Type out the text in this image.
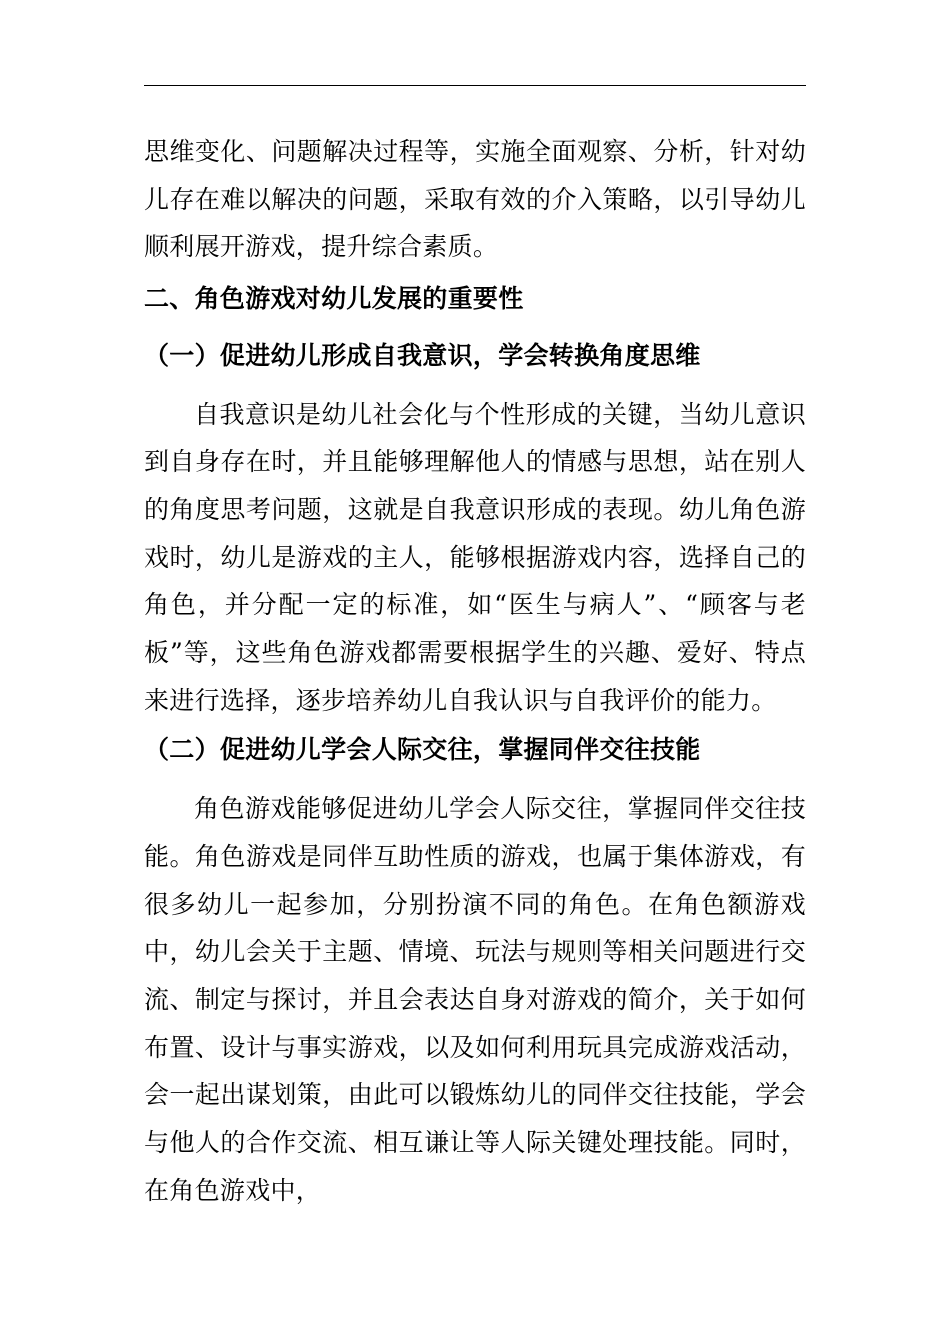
思维变化、问题解决过程等，实施全面观察、分析，针对幼儿存在难以解决的问题，采取有效的介入策略，以引导幼儿顺利展开游戏，提升综合素质。

二、角色游戏对幼儿发展的重要性
（一）促进幼儿形成自我意识，学会转换角度思维

自我意识是幼儿社会化与个性形成的关键，当幼儿意识到自身存在时，并且能够理解他人的情感与思想，站在别人的角度思考问题，这就是自我意识形成的表现。幼儿角色游戏时，幼儿是游戏的主人，能够根据游戏内容，选择自己的角色，并分配一定的标准，如“医生与病人”、“顾客与老板”等，这些角色游戏都需要根据学生的兴趣、爱好、特点来进行选择，逐步培养幼儿自我认识与自我评价的能力。

（二）促进幼儿学会人际交往，掌握同伴交往技能

角色游戏能够促进幼儿学会人际交往，掌握同伴交往技能。角色游戏是同伴互助性质的游戏，也属于集体游戏，有很多幼儿一起参加，分别扮演不同的角色。在角色额游戏中，幼儿会关于主题、情境、玩法与规则等相关问题进行交流、制定与探讨，并且会表达自身对游戏的简介，关于如何布置、设计与事实游戏，以及如何利用玩具完成游戏活动，会一起出谋划策，由此可以锻炼幼儿的同伴交往技能，学会与他人的合作交流、相互谦让等人际关键处理技能。同时，在角色游戏中，
